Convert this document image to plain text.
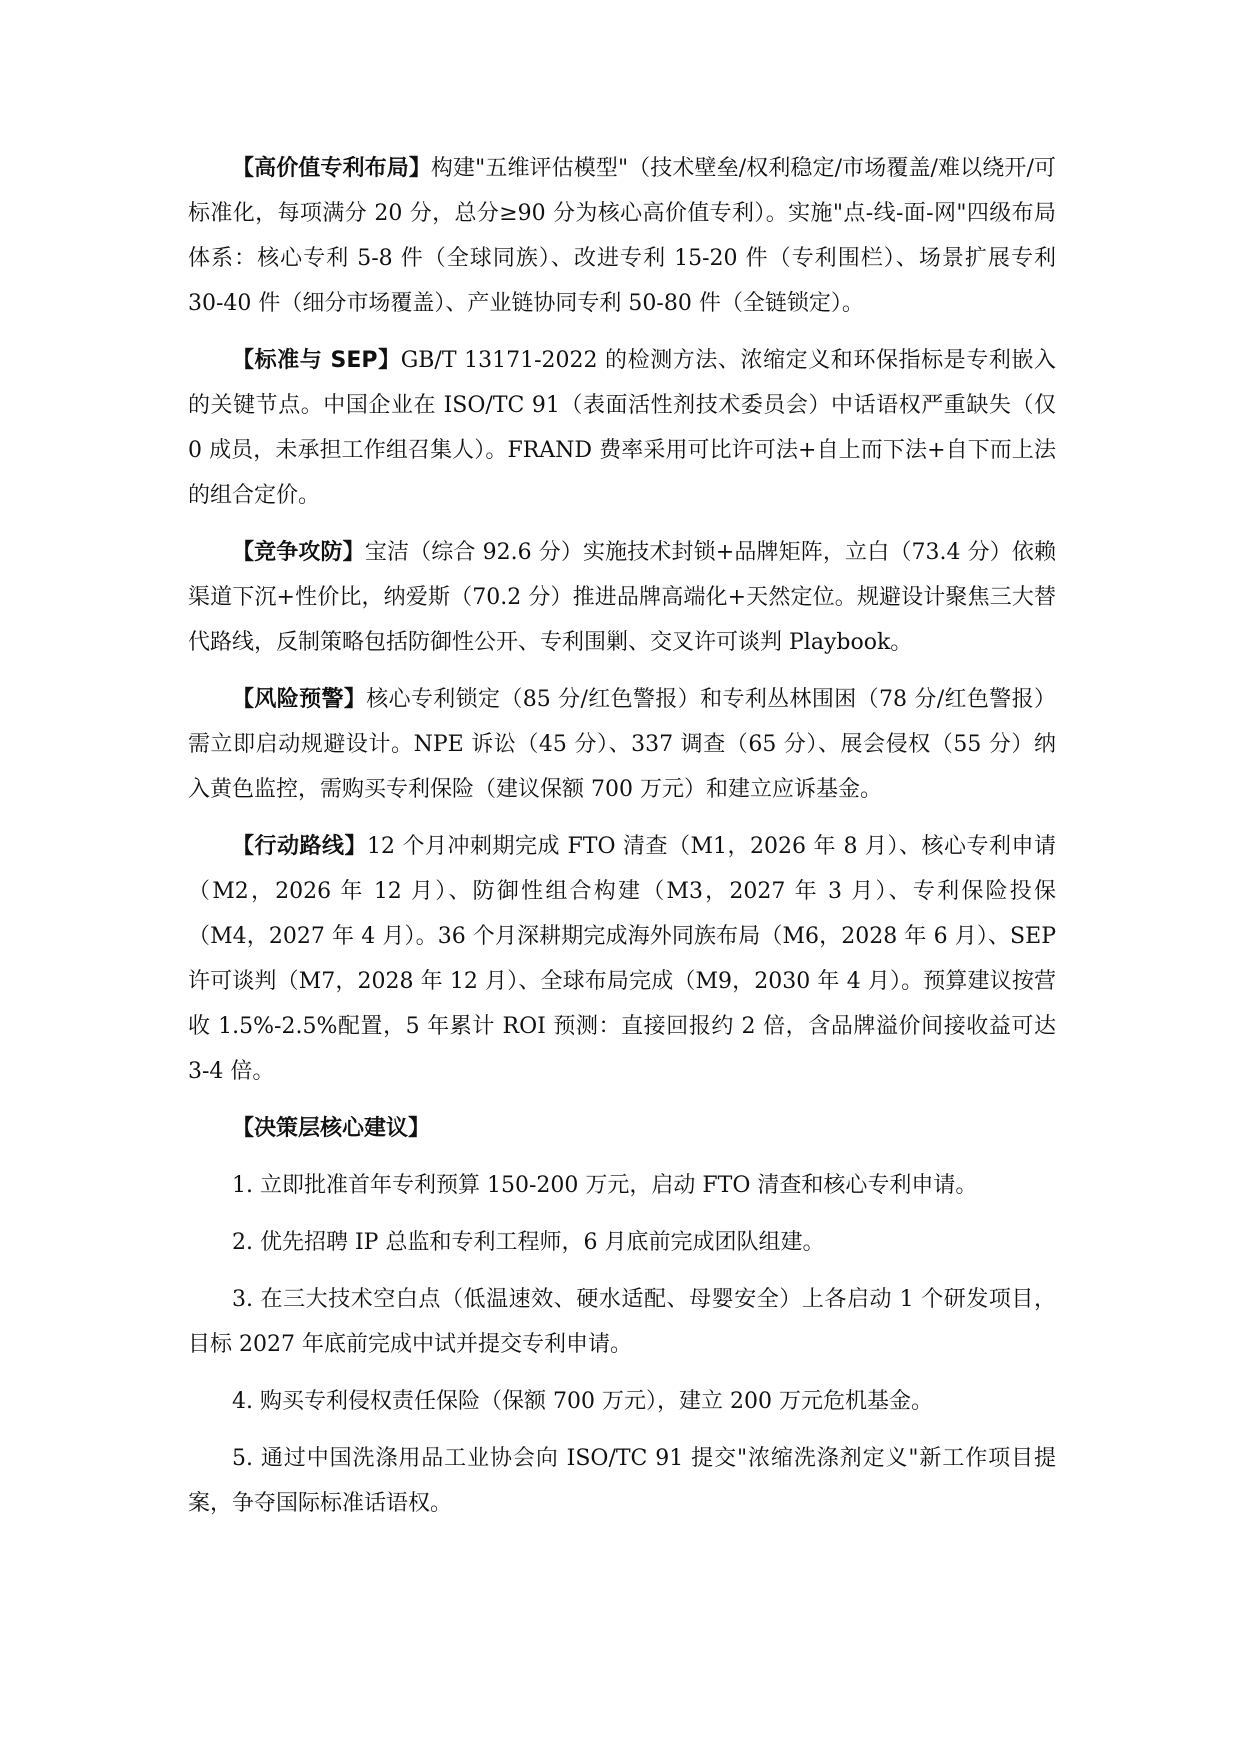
【高价值专利布局】构建"五维评估模型"（技术壁垒/权利稳定/市场覆盖/难以绕开/可标准化，每项满分 20 分，总分≥90 分为核心高价值专利）。实施"点-线-面-网"四级布局体系：核心专利 5-8 件（全球同族）、改进专利 15-20 件（专利围栏）、场景扩展专利 30-40 件（细分市场覆盖）、产业链协同专利 50-80 件（全链锁定）。

【标准与 SEP】GB/T 13171-2022 的检测方法、浓缩定义和环保指标是专利嵌入的关键节点。中国企业在 ISO/TC 91（表面活性剂技术委员会）中话语权严重缺失（仅 0 成员，未承担工作组召集人）。FRAND 费率采用可比许可法+自上而下法+自下而上法的组合定价。

【竞争攻防】宝洁（综合 92.6 分）实施技术封锁+品牌矩阵，立白（73.4 分）依赖渠道下沉+性价比，纳爱斯（70.2 分）推进品牌高端化+天然定位。规避设计聚焦三大替代路线，反制策略包括防御性公开、专利围剿、交叉许可谈判 Playbook。

【风险预警】核心专利锁定（85 分/红色警报）和专利丛林围困（78 分/红色警报）需立即启动规避设计。NPE 诉讼（45 分）、337 调查（65 分）、展会侵权（55 分）纳入黄色监控，需购买专利保险（建议保额 700 万元）和建立应诉基金。

【行动路线】12 个月冲刺期完成 FTO 清查（M1，2026 年 8 月）、核心专利申请（M2，2026 年 12 月）、防御性组合构建（M3，2027 年 3 月）、专利保险投保（M4，2027 年 4 月）。36 个月深耕期完成海外同族布局（M6，2028 年 6 月）、SEP 许可谈判（M7，2028 年 12 月）、全球布局完成（M9，2030 年 4 月）。预算建议按营收 1.5%-2.5%配置，5 年累计 ROI 预测：直接回报约 2 倍，含品牌溢价间接收益可达 3-4 倍。

【决策层核心建议】

1. 立即批准首年专利预算 150-200 万元，启动 FTO 清查和核心专利申请。

2. 优先招聘 IP 总监和专利工程师，6 月底前完成团队组建。

3. 在三大技术空白点（低温速效、硬水适配、母婴安全）上各启动 1 个研发项目，目标 2027 年底前完成中试并提交专利申请。

4. 购买专利侵权责任保险（保额 700 万元），建立 200 万元危机基金。

5. 通过中国洗涤用品工业协会向 ISO/TC 91 提交"浓缩洗涤剂定义"新工作项目提案，争夺国际标准话语权。
